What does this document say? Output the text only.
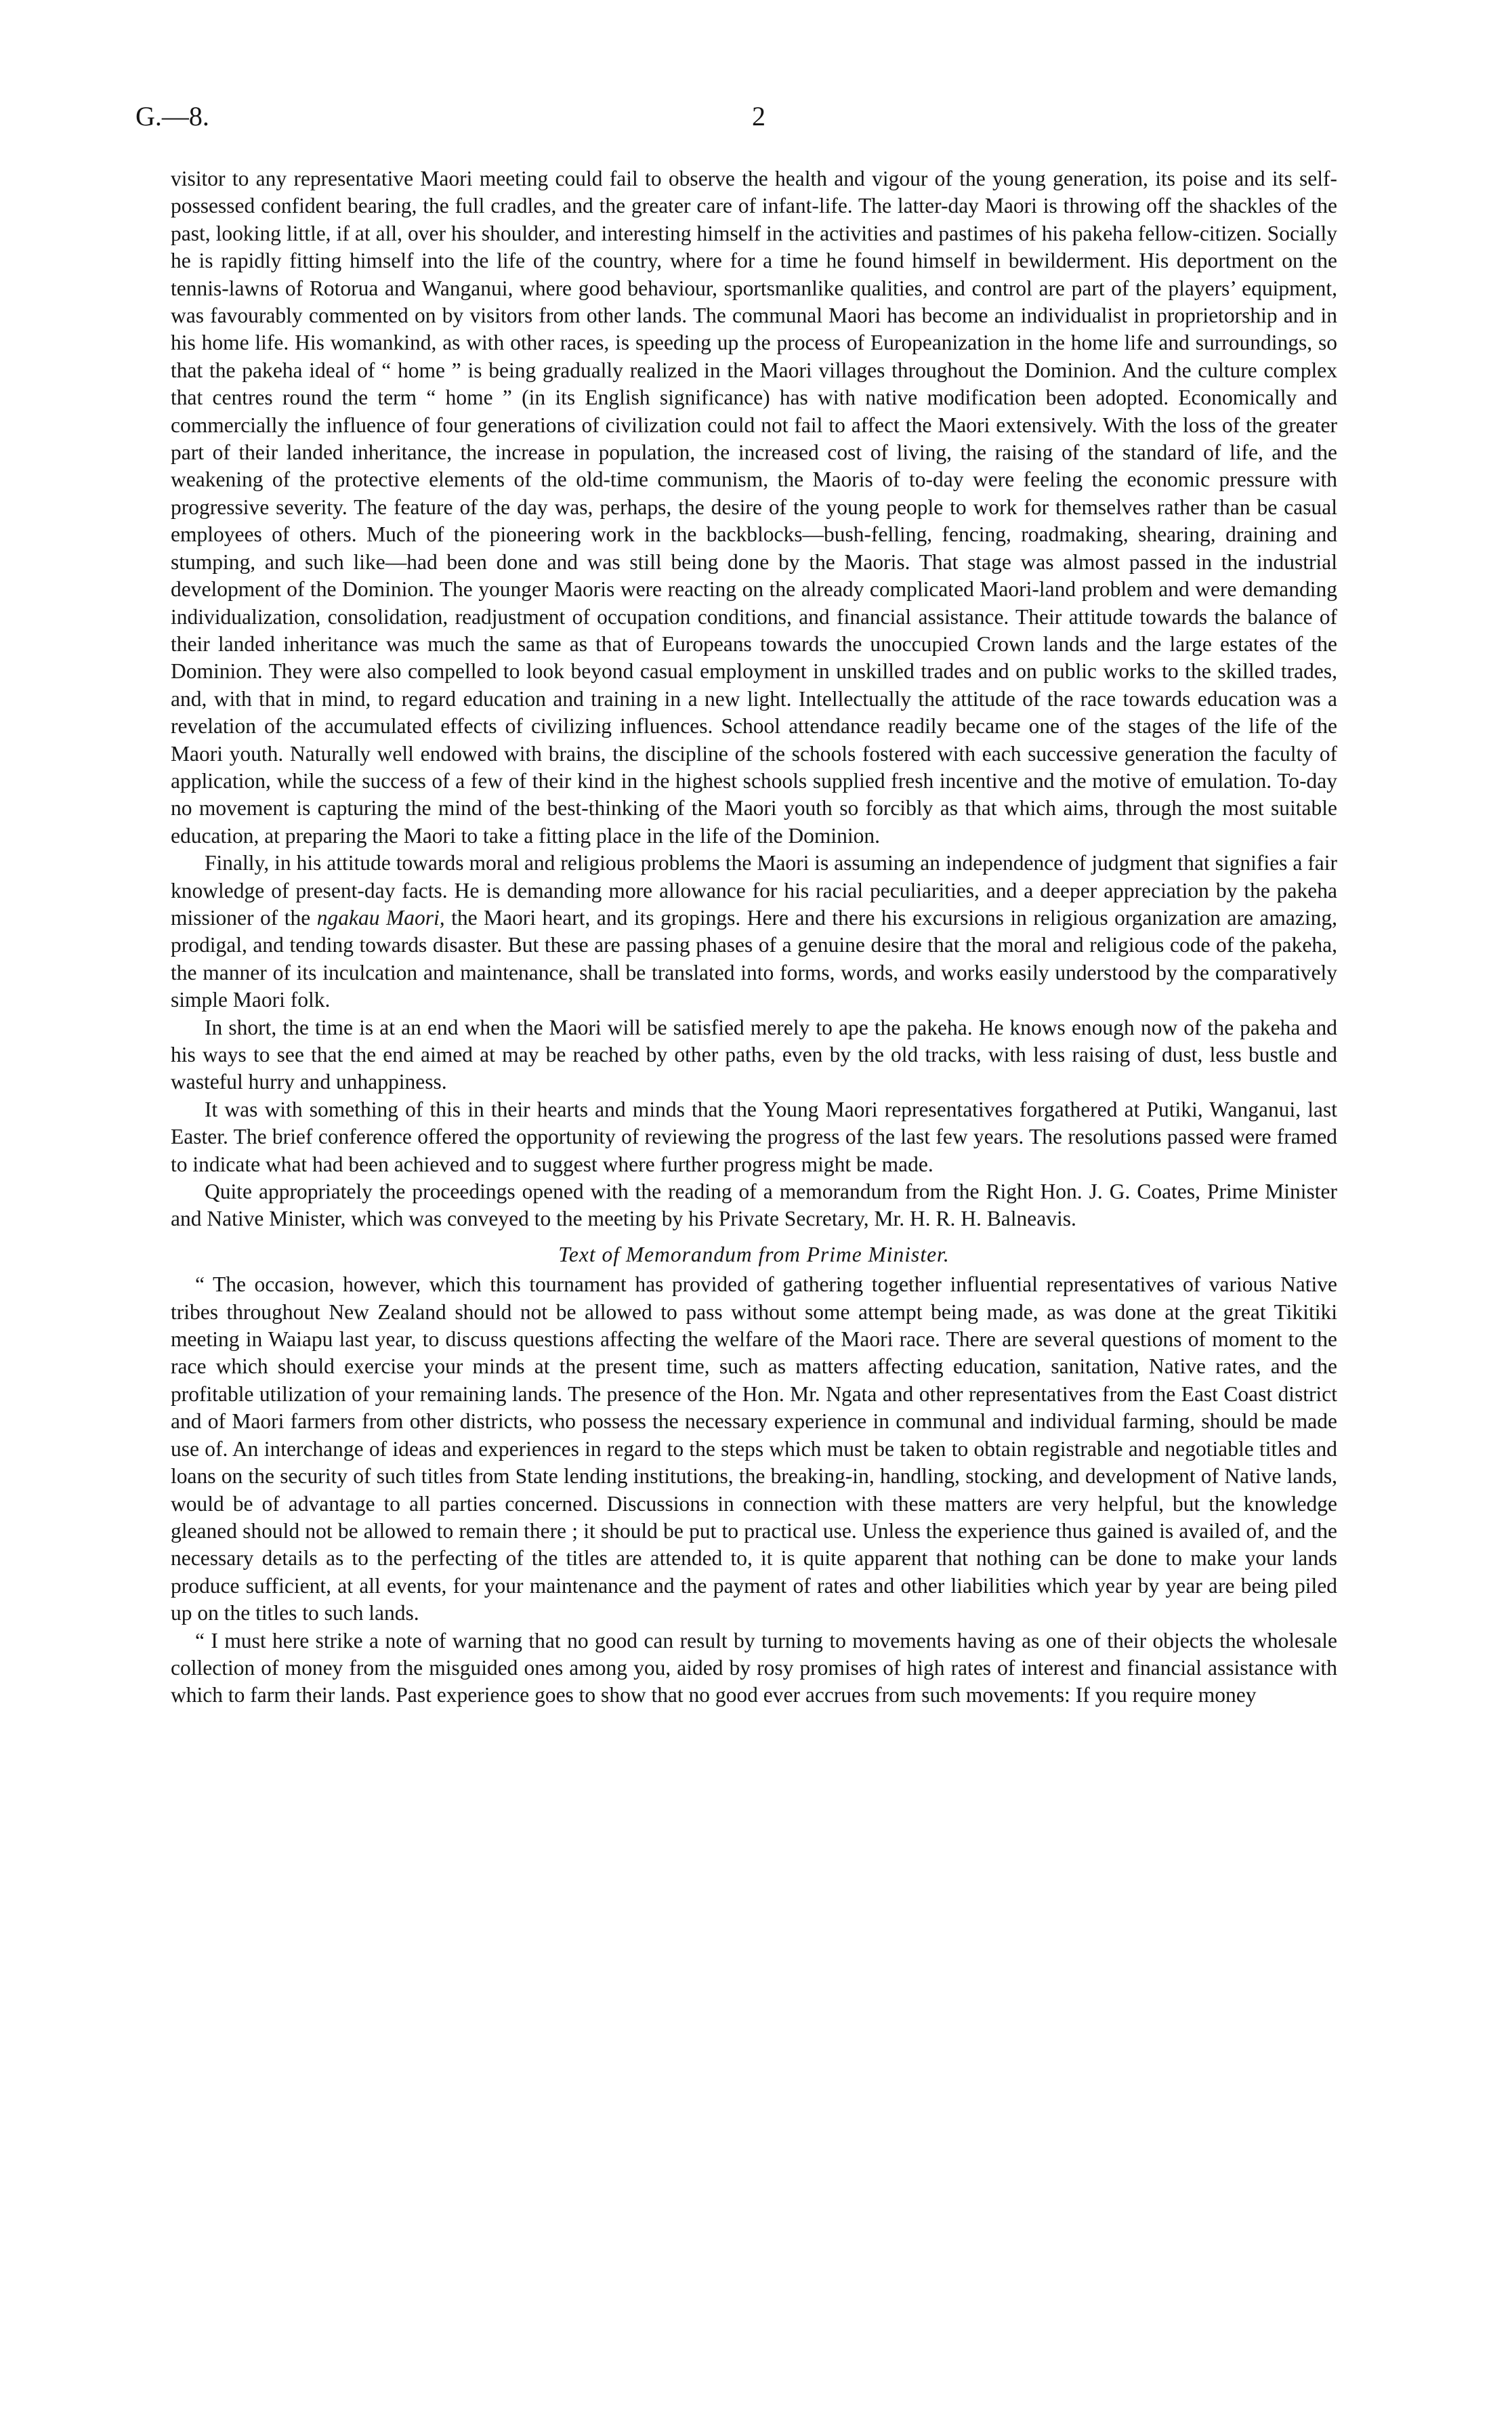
G.—8.	2

visitor to any representative Maori meeting could fail to observe the health and vigour of the young generation, its poise and its self-possessed confident bearing, the full cradles, and the greater care of infant-life. The latter-day Maori is throwing off the shackles of the past, looking little, if at all, over his shoulder, and interesting himself in the activities and pastimes of his pakeha fellow-citizen. Socially he is rapidly fitting himself into the life of the country, where for a time he found himself in bewilderment. His deportment on the tennis-lawns of Rotorua and Wanganui, where good behaviour, sportsmanlike qualities, and control are part of the players’ equipment, was favourably commented on by visitors from other lands. The communal Maori has become an individualist in proprietorship and in his home life. His womankind, as with other races, is speeding up the process of Europeanization in the home life and surroundings, so that the pakeha ideal of “ home ” is being gradually realized in the Maori villages throughout the Dominion. And the culture complex that centres round the term “ home ” (in its English significance) has with native modification been adopted. Economically and commercially the influence of four generations of civilization could not fail to affect the Maori extensively. With the loss of the greater part of their landed inheritance, the increase in population, the increased cost of living, the raising of the standard of life, and the weakening of the protective elements of the old-time communism, the Maoris of to-day were feeling the economic pressure with progressive severity. The feature of the day was, perhaps, the desire of the young people to work for themselves rather than be casual employees of others. Much of the pioneering work in the backblocks—bush-felling, fencing, roadmaking, shearing, draining and stumping, and such like—had been done and was still being done by the Maoris. That stage was almost passed in the industrial development of the Dominion. The younger Maoris were reacting on the already complicated Maori-land problem and were demanding individualization, consolidation, readjustment of occupation conditions, and financial assistance. Their attitude towards the balance of their landed inheritance was much the same as that of Europeans towards the unoccupied Crown lands and the large estates of the Dominion. They were also compelled to look beyond casual employment in unskilled trades and on public works to the skilled trades, and, with that in mind, to regard education and training in a new light. Intellectually the attitude of the race towards education was a revelation of the accumulated effects of civilizing influences. School attendance readily became one of the stages of the life of the Maori youth. Naturally well endowed with brains, the discipline of the schools fostered with each successive generation the faculty of application, while the success of a few of their kind in the highest schools supplied fresh incentive and the motive of emulation. To-day no movement is capturing the mind of the best-thinking of the Maori youth so forcibly as that which aims, through the most suitable education, at preparing the Maori to take a fitting place in the life of the Dominion.

Finally, in his attitude towards moral and religious problems the Maori is assuming an independence of judgment that signifies a fair knowledge of present-day facts. He is demanding more allowance for his racial peculiarities, and a deeper appreciation by the pakeha missioner of the ngakau Maori, the Maori heart, and its gropings. Here and there his excursions in religious organization are amazing, prodigal, and tending towards disaster. But these are passing phases of a genuine desire that the moral and religious code of the pakeha, the manner of its inculcation and maintenance, shall be translated into forms, words, and works easily understood by the comparatively simple Maori folk.

In short, the time is at an end when the Maori will be satisfied merely to ape the pakeha. He knows enough now of the pakeha and his ways to see that the end aimed at may be reached by other paths, even by the old tracks, with less raising of dust, less bustle and wasteful hurry and unhappiness.

It was with something of this in their hearts and minds that the Young Maori representatives forgathered at Putiki, Wanganui, last Easter. The brief conference offered the opportunity of reviewing the progress of the last few years. The resolutions passed were framed to indicate what had been achieved and to suggest where further progress might be made.

Quite appropriately the proceedings opened with the reading of a memorandum from the Right Hon. J. G. Coates, Prime Minister and Native Minister, which was conveyed to the meeting by his Private Secretary, Mr. H. R. H. Balneavis.

Text of Memorandum from Prime Minister.

“ The occasion, however, which this tournament has provided of gathering together influential representatives of various Native tribes throughout New Zealand should not be allowed to pass without some attempt being made, as was done at the great Tikitiki meeting in Waiapu last year, to discuss questions affecting the welfare of the Maori race. There are several questions of moment to the race which should exercise your minds at the present time, such as matters affecting education, sanitation, Native rates, and the profitable utilization of your remaining lands. The presence of the Hon. Mr. Ngata and other representatives from the East Coast district and of Maori farmers from other districts, who possess the necessary experience in communal and individual farming, should be made use of. An interchange of ideas and experiences in regard to the steps which must be taken to obtain registrable and negotiable titles and loans on the security of such titles from State lending institutions, the breaking-in, handling, stocking, and development of Native lands, would be of advantage to all parties concerned. Discussions in connection with these matters are very helpful, but the knowledge gleaned should not be allowed to remain there ; it should be put to practical use. Unless the experience thus gained is availed of, and the necessary details as to the perfecting of the titles are attended to, it is quite apparent that nothing can be done to make your lands produce sufficient, at all events, for your maintenance and the payment of rates and other liabilities which year by year are being piled up on the titles to such lands.

“ I must here strike a note of warning that no good can result by turning to movements having as one of their objects the wholesale collection of money from the misguided ones among you, aided by rosy promises of high rates of interest and financial assistance with which to farm their lands. Past experience goes to show that no good ever accrues from such movements: If you require money
